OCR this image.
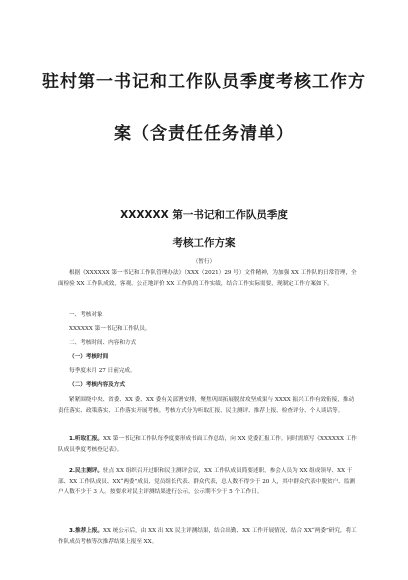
驻村第一书记和工作队员季度考核工作方
案（含责任任务清单）
XXXXXX 第一书记和工作队员季度
考核工作方案
（暂行）
根据《XXXXXX 第一书记和工作队管理办法》（XXX（2021）29 号）文件精神，为加强 XX 工作队的日常管理，全面检验 XX 工作队成效，客观、公正地评价 XX 工作队的工作实绩，结合工作实际需要，现制定工作方案如下。
一、考核对象
XXXXXX 第一书记和工作队员。
二、考核时间、内容和方式
（一）考核时间
每季度末月 27 日前完成。
（二）考核内容及方式
紧紧围绕中央、省委、XX 委、XX 委有关部署安排，聚焦巩固拓展脱贫攻坚成果与 XXXX 振兴工作有效衔接，推动责任落实、政策落实、工作落实开展考核。考核方式分为听取汇报、民主测评、推荐上报、检查评分、个人谈话等。
1.听取汇报。XX 第一书记和工作队每季度要形成书面工作总结，向 XX 党委汇报工作。同时需填写《XXXXXX 工作队成员季度考核登记表》。
2.民主测评。驻点 XX 组织召开过职和民主测评会议，XX 工作队成员简要述职，参会人员为 XX 组成领导、XX 干部、XX 工作队成员、XX“两委”成员、党员组长代表、群众代表，总人数不得少于 20 人，其中群众代表中脱贫户、监测户人数不少于 3 人。按要求对民主评测结果进行公示，公示期不少于 5 个工作日。
3.推荐上报。XX 统公示后，由 XX 出 XX 民主评测结果，结合出勤、XX 工作开展情况、结合 XX“两委”研究，将工作队成员考核等次推荐结果上报至 XX。
